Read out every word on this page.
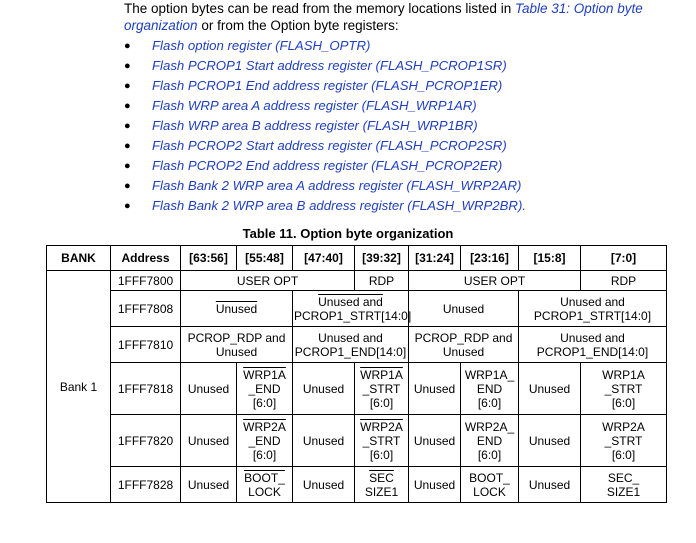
The option bytes can be read from the memory locations listed in Table 31: Option byte
organization or from the Option byte registers:
● Flash option register (FLASH_OPTR)
● Flash PCROP1 Start address register (FLASH_PCROP1SR)
● Flash PCROP1 End address register (FLASH_PCROP1ER)
● Flash WRP area A address register (FLASH_WRP1AR)
● Flash WRP area B address register (FLASH_WRP1BR)
● Flash PCROP2 Start address register (FLASH_PCROP2SR)
● Flash PCROP2 End address register (FLASH_PCROP2ER)
● Flash Bank 2 WRP area A address register (FLASH_WRP2AR)
● Flash Bank 2 WRP area B address register (FLASH_WRP2BR).
Table 11. Option byte organization
BANK	Address	[63:56]	[55:48]	[47:40]	[39:32]	[31:24]	[23:16]	[15:8]	[7:0]
Bank 1	1FFF7800	USER OPT			RDP	USER OPT			RDP
	1FFF7808	Unused		Unused and
PCROP1_STRT[14:0]		Unused		Unused and
PCROP1_STRT[14:0]	
	1FFF7810	PCROP_RDP and
Unused		Unused and
PCROP1_END[14:0]		PCROP_RDP and
Unused		Unused and
PCROP1_END[14:0]	
	1FFF7818	Unused	WRP1A
_END
[6:0]	Unused	WRP1A
_STRT
[6:0]	Unused	WRP1A_
END
[6:0]	Unused	WRP1A
_STRT
[6:0]
	1FFF7820	Unused	WRP2A
_END
[6:0]	Unused	WRP2A
_STRT
[6:0]	Unused	WRP2A_
END
[6:0]	Unused	WRP2A
_STRT
[6:0]
	1FFF7828	Unused	BOOT_
LOCK	Unused	$\overline{SEC}$
SIZE1	Unused	BOOT_
LOCK	Unused	SEC_
SIZE1
